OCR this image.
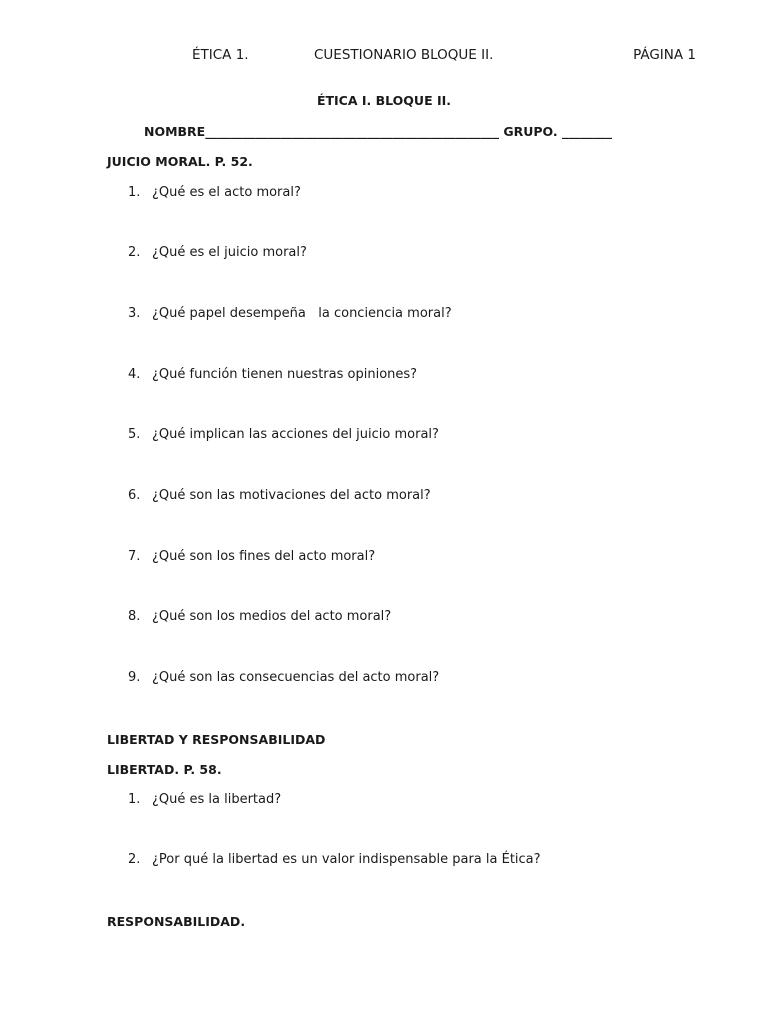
ÉTICA 1.	CUESTIONARIO BLOQUE II.	PÁGINA 1
ÉTICA I. BLOQUE II.
NOMBRE_______________________________________________ GRUPO. ________
JUICIO MORAL. P. 52.
1. ¿Qué es el acto moral?
2. ¿Qué es el juicio moral?
3. ¿Qué papel desempeña   la conciencia moral?
4. ¿Qué función tienen nuestras opiniones?
5. ¿Qué implican las acciones del juicio moral?
6. ¿Qué son las motivaciones del acto moral?
7. ¿Qué son los fines del acto moral?
8. ¿Qué son los medios del acto moral?
9. ¿Qué son las consecuencias del acto moral?
LIBERTAD Y RESPONSABILIDAD
LIBERTAD. P. 58.
1. ¿Qué es la libertad?
2. ¿Por qué la libertad es un valor indispensable para la Ética?
RESPONSABILIDAD.
